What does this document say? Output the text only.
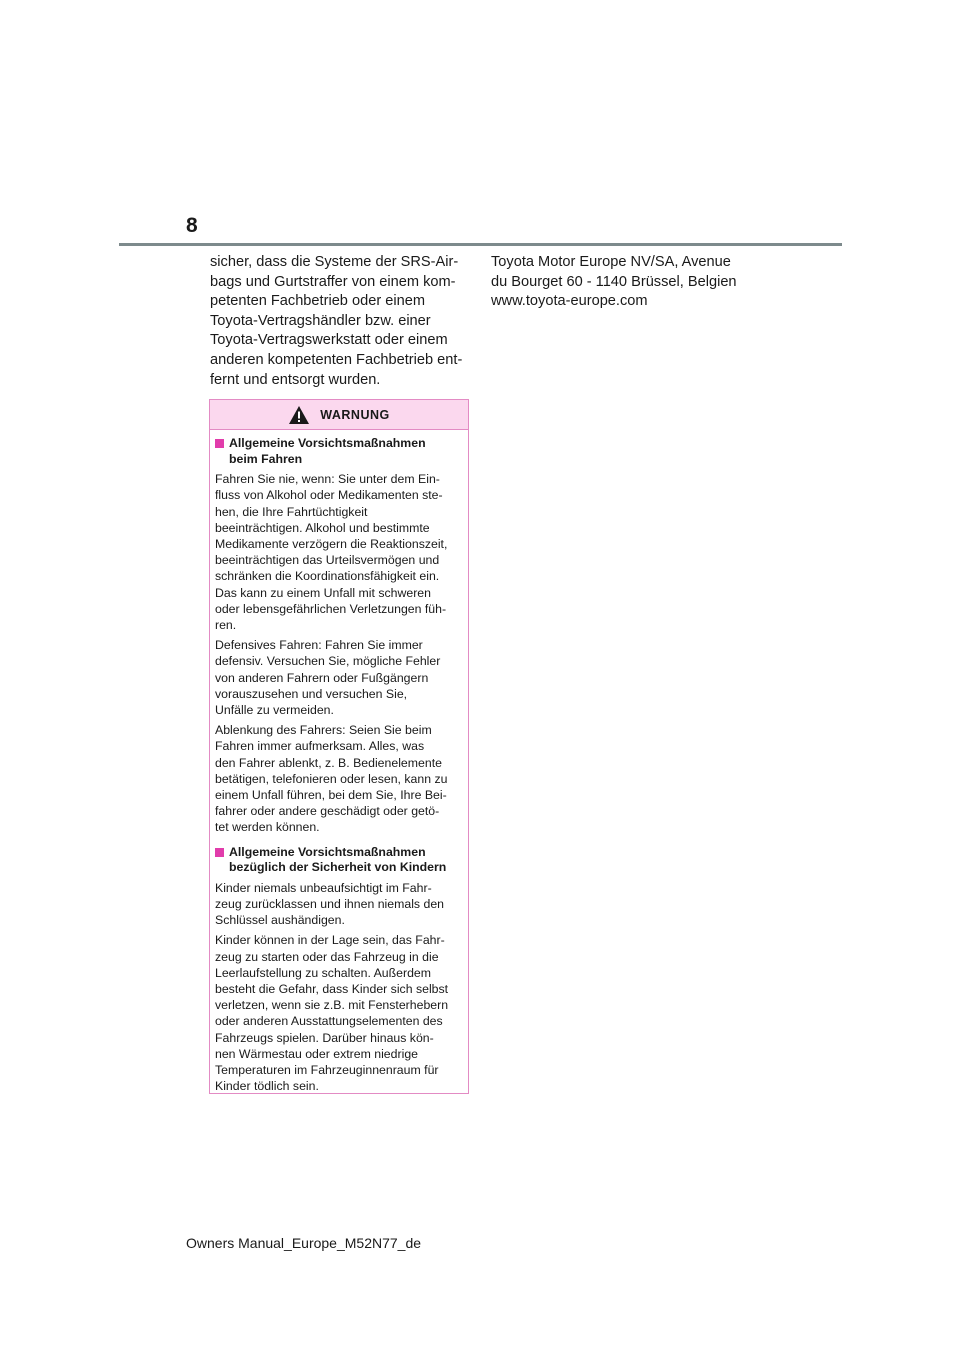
8
sicher, dass die Systeme der SRS-Air-
bags und Gurtstraffer von einem kom-
petenten Fachbetrieb oder einem
Toyota-Vertragshändler bzw. einer
Toyota-Vertragswerkstatt oder einem
anderen kompetenten Fachbetrieb ent-
fernt und entsorgt wurden.
WARNUNG
Allgemeine Vorsichtsmaßnahmen
beim Fahren
Fahren Sie nie, wenn: Sie unter dem Ein-
fluss von Alkohol oder Medikamenten ste-
hen, die Ihre Fahrtüchtigkeit
beeinträchtigen. Alkohol und bestimmte
Medikamente verzögern die Reaktionszeit,
beeinträchtigen das Urteilsvermögen und
schränken die Koordinationsfähigkeit ein.
Das kann zu einem Unfall mit schweren
oder lebensgefährlichen Verletzungen füh-
ren.
Defensives Fahren: Fahren Sie immer
defensiv. Versuchen Sie, mögliche Fehler
von anderen Fahrern oder Fußgängern
vorauszusehen und versuchen Sie,
Unfälle zu vermeiden.
Ablenkung des Fahrers: Seien Sie beim
Fahren immer aufmerksam. Alles, was
den Fahrer ablenkt, z. B. Bedienelemente
betätigen, telefonieren oder lesen, kann zu
einem Unfall führen, bei dem Sie, Ihre Bei-
fahrer oder andere geschädigt oder getö-
tet werden können.
Allgemeine Vorsichtsmaßnahmen
bezüglich der Sicherheit von Kindern
Kinder niemals unbeaufsichtigt im Fahr-
zeug zurücklassen und ihnen niemals den
Schlüssel aushändigen.
Kinder können in der Lage sein, das Fahr-
zeug zu starten oder das Fahrzeug in die
Leerlaufstellung zu schalten. Außerdem
besteht die Gefahr, dass Kinder sich selbst
verletzen, wenn sie z.B. mit Fensterhebern
oder anderen Ausstattungselementen des
Fahrzeugs spielen. Darüber hinaus kön-
nen Wärmestau oder extrem niedrige
Temperaturen im Fahrzeuginnenraum für
Kinder tödlich sein.
Toyota Motor Europe NV/SA, Avenue
du Bourget 60 - 1140 Brüssel, Belgien
www.toyota-europe.com
Owners Manual_Europe_M52N77_de
